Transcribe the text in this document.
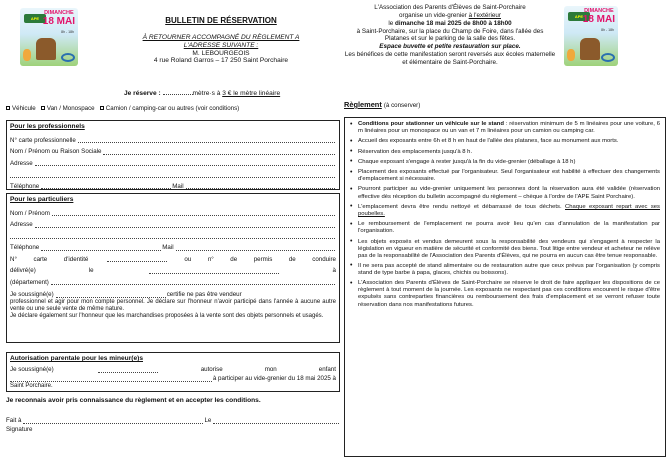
APE
DIMANCHE
18 MAI
8h - 18h
BULLETIN DE RÉSERVATION
À RETOURNER ACCOMPAGNÉ DU RÈGLEMENT A
L'ADRESSE SUIVANTE :
M. LEBOURGEOIS
4 rue Roland Garros – 17 250 Saint Porchaire
Je réserve :	mètre·s à 3 € le mètre linéaire
Véhicule Van / Monospace Camion / camping-car ou autres (voir conditions)
Pour les professionnels
N° carte professionnelle
Nom / Prénom ou Raison Sociale
Adresse
Téléphone	Mail
Pour les particuliers
Nom / Prénom
Adresse
Téléphone	Mail
N°	carte	d'identité	ou	n°	de	permis	de	conduire
délivré(e)	le	à
(département)
Je soussigné(e)	certifie ne pas être vendeur
professionnel et agir pour mon compte personnel. Je déclare sur l'honneur n'avoir participé dans l'année à aucune autre vente ou une seule vente de même nature.
Je déclare également sur l'honneur que les marchandises proposées à la vente sont des objets personnels et usagés.
Autorisation parentale pour les mineur(e)s
Je soussigné(e)	autorise	mon	enfant
à participer au vide-grenier du 18 mai 2025 à
Saint Porchaire.
Je reconnais avoir pris connaissance du règlement et en accepter les conditions.
Fait à	Le
Signature
L'Association des Parents d'Élèves de Saint-Porchaire
organise un vide-grenier à l'extérieur
le dimanche 18 mai 2025 de 8h00 à 18h00
à Saint-Porchaire, sur la place du Champ de Foire, dans l'allée des Platanes et sur le parking de la salle des fêtes.
Espace buvette et petite restauration sur place.
Les bénéfices de cette manifestation seront reversés aux écoles maternelle et élémentaire de Saint-Porchaire.
APE
DIMANCHE
18 MAI
8h - 18h
Règlement (à conserver)
• Conditions pour stationner un véhicule sur le stand : réservation minimum de 5 m linéaires pour une voiture, 6 m linéaires pour un monospace ou un van et 7 m linéaires pour un camion ou camping car.
• Accueil des exposants entre 6h et 8 h en haut de l'allée des platanes, face au monument aux morts.
• Réservation des emplacements jusqu'à 8 h.
• Chaque exposant s'engage à rester jusqu'à la fin du vide-grenier (déballage à 18 h)
• Placement des exposants effectué par l'organisateur. Seul l'organisateur est habilité à effectuer des changements d'emplacement si nécessaire.
• Pourront participer au vide-grenier uniquement les personnes dont la réservation aura été validée (réservation effective dès réception du bulletin accompagné du règlement – chèque à l'ordre de l'APE Saint Porchaire).
• L'emplacement devra être rendu nettoyé et débarrassé de tous déchets. Chaque exposant repart avec ses poubelles.
• Le remboursement de l'emplacement ne pourra avoir lieu qu'en cas d'annulation de la manifestation par l'organisation.
• Les objets exposés et vendus demeurent sous la responsabilité des vendeurs qui s'engagent à respecter la législation en vigueur en matière de sécurité et conformité des biens. Tout litige entre vendeur et acheteur ne relève pas de la responsabilité de l'Association des Parents d'Élèves, qui ne pourra en aucun cas être tenue responsable.
• Il ne sera pas accepté de stand alimentaire ou de restauration autre que ceux prévus par l'organisation (y compris stand de type barbe à papa, glaces, chichis ou boissons).
• L'Association des Parents d'Élèves de Saint-Porchaire se réserve le droit de faire appliquer les dispositions de ce règlement à tout moment de la journée. Les exposants ne respectant pas ces conditions encourent le risque d'être expulsés sans contreparties financières ou remboursement des frais d'emplacement et se verront refuser toute réservation dans nos manifestations futures.
